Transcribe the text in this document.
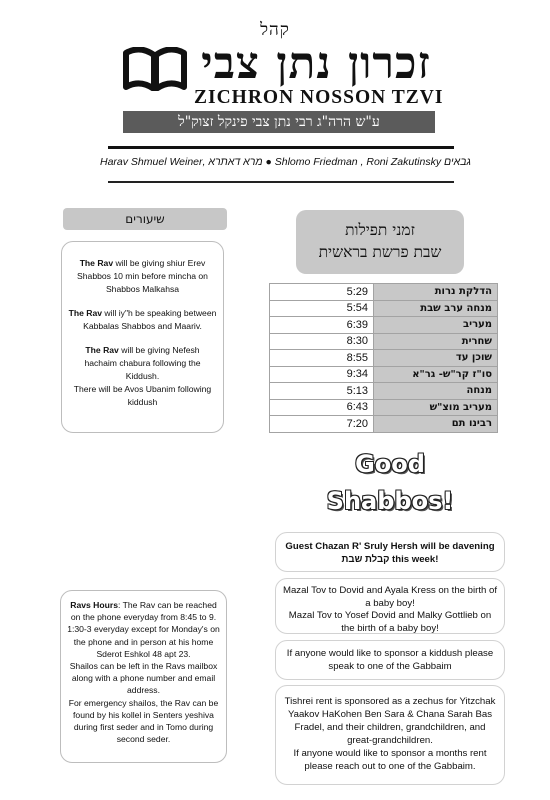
קהל
זכרון נתן צבי
ZICHRON NOSSON TZVI
ע"ש הרה"ג רבי נתן צבי פינקל זצוק"ל
Harav Shmuel Weiner, מרא דאתרא ● Shlomo Friedman , Roni Zakutinsky גבאים
שיעורים

The Rav will be giving shiur Erev Shabbos 10 min before mincha on Shabbos Malkahsa

The Rav will iy"h be speaking between Kabbalas Shabbos and Maariv.

The Rav will be giving Nefesh hachaim chabura following the Kiddush.
There will be Avos Ubanim following kiddush

זמני תפילות
שבת פרשת בראשית
5:29	הדלקת נרות
5:54	מנחה ערב שבת
6:39	מעריב
8:30	שחרית
8:55	שוכן עד
9:34	סו"ז קר"ש- גר"א
5:13	מנחה
6:43	מעריב מוצ"ש
7:20	רבינו תם
Good
Shabbos!
Guest Chazan R' Sruly Hersh will be davening קבלת שבת this week!
Mazal Tov to Dovid and Ayala Kress on the birth of a baby boy!
Mazal Tov to Yosef Dovid and Malky Gottlieb on the birth of a baby boy!
If anyone would like to sponsor a kiddush please speak to one of the Gabbaim
Tishrei rent is sponsored as a zechus for Yitzchak Yaakov HaKohen Ben Sara & Chana Sarah Bas Fradel, and their children, grandchildren, and great-grandchildren.
If anyone would like to sponsor a months rent please reach out to one of the Gabbaim.
Ravs Hours: The Rav can be reached on the phone everyday from 8:45 to 9.
1:30-3 everyday except for Monday's on the phone and in person at his home Sderot Eshkol 48 apt 23.
Shailos can be left in the Ravs mailbox along with a phone number and email address.
For emergency shailos, the Rav can be found by his kollel in Senters yeshiva during first seder and in Tomo during second seder.
